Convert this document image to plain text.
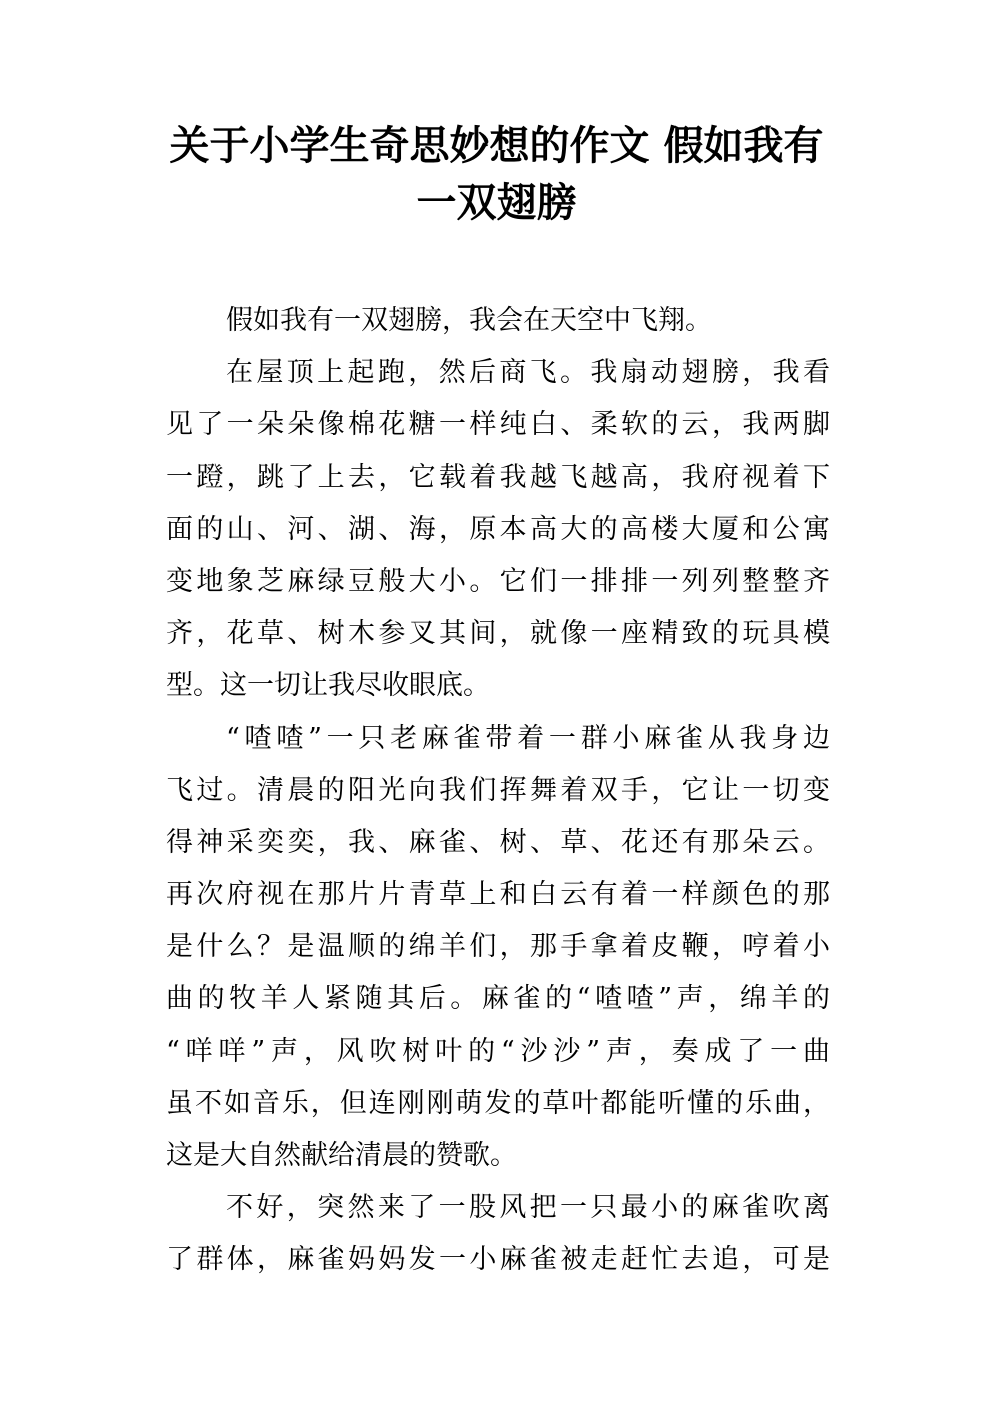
关于小学生奇思妙想的作文 假如我有
一双翅膀
假如我有一双翅膀，我会在天空中飞翔。
在屋顶上起跑，然后商飞。我扇动翅膀，我看
见了一朵朵像棉花糖一样纯白、柔软的云，我两脚
一蹬，跳了上去，它载着我越飞越高，我府视着下
面的山、河、湖、海，原本高大的高楼大厦和公寓
变地象芝麻绿豆般大小。它们一排排一列列整整齐
齐，花草、树木参叉其间，就像一座精致的玩具模
型。这一切让我尽收眼底。
“喳喳”一只老麻雀带着一群小麻雀从我身边
飞过。清晨的阳光向我们挥舞着双手，它让一切变
得神采奕奕，我、麻雀、树、草、花还有那朵云。
再次府视在那片片青草上和白云有着一样颜色的那
是什么？是温顺的绵羊们，那手拿着皮鞭，哼着小
曲的牧羊人紧随其后。麻雀的“喳喳”声，绵羊的
“咩咩”声，风吹树叶的“沙沙”声，奏成了一曲
虽不如音乐，但连刚刚萌发的草叶都能听懂的乐曲，
这是大自然献给清晨的赞歌。
不好，突然来了一股风把一只最小的麻雀吹离
了群体，麻雀妈妈发一小麻雀被走赶忙去追，可是
